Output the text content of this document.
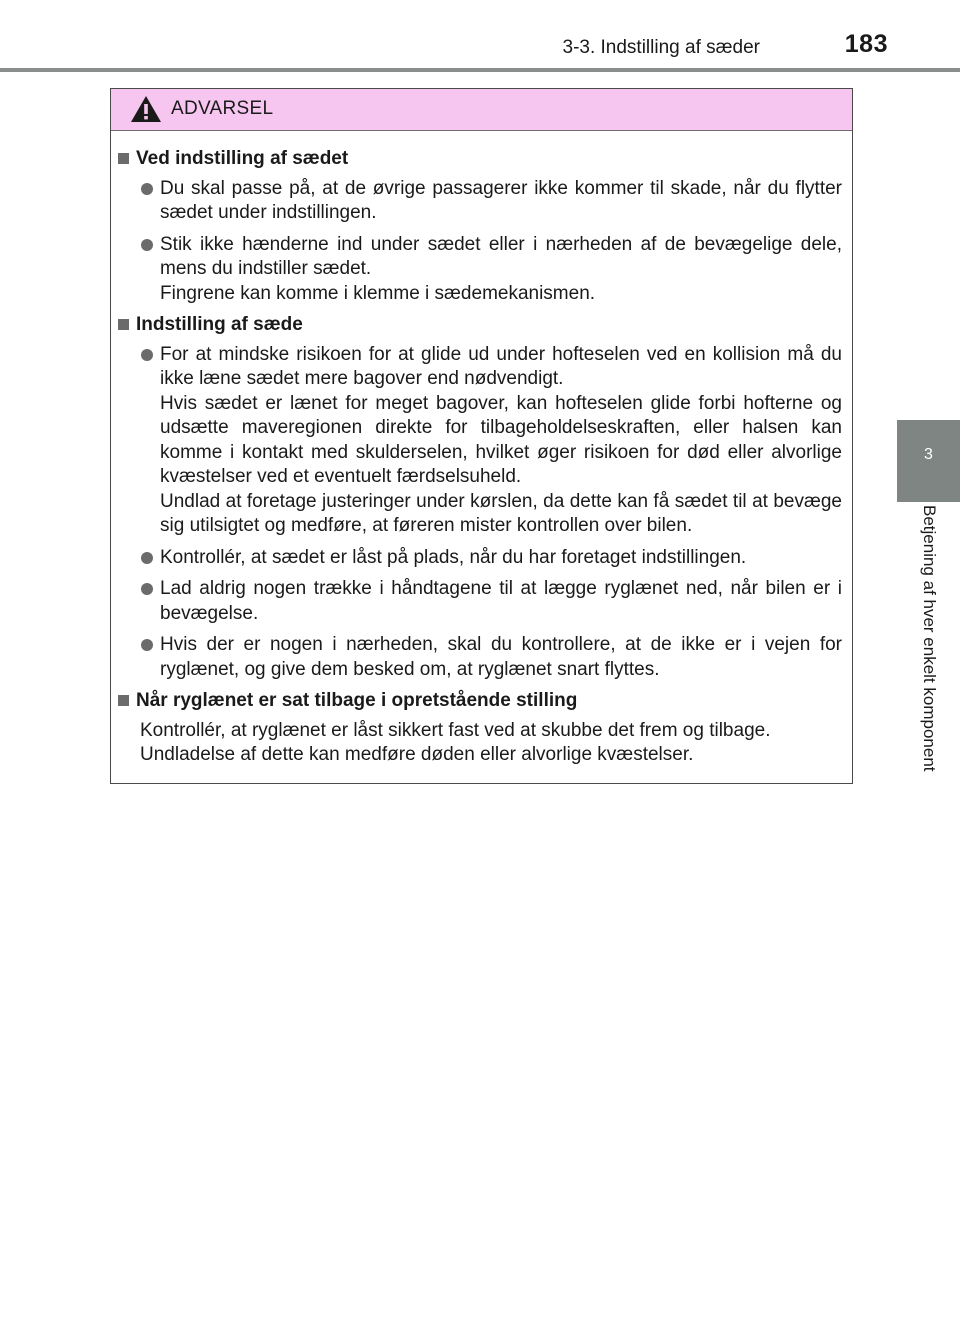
3-3. Indstilling af sæder	183
3
Betjening af hver enkelt komponent
ADVARSEL
Ved indstilling af sædet
Du skal passe på, at de øvrige passagerer ikke kommer til skade, når du flytter sædet under indstillingen.
Stik ikke hænderne ind under sædet eller i nærheden af de bevægelige dele, mens du indstiller sædet.
Fingrene kan komme i klemme i sædemekanismen.
Indstilling af sæde
For at mindske risikoen for at glide ud under hofteselen ved en kollision må du ikke læne sædet mere bagover end nødvendigt.
Hvis sædet er lænet for meget bagover, kan hofteselen glide forbi hofterne og udsætte maveregionen direkte for tilbageholdelseskraften, eller halsen kan komme i kontakt med skulderselen, hvilket øger risikoen for død eller alvorlige kvæstelser ved et eventuelt færdselsuheld.
Undlad at foretage justeringer under kørslen, da dette kan få sædet til at bevæge sig utilsigtet og medføre, at føreren mister kontrollen over bilen.
Kontrollér, at sædet er låst på plads, når du har foretaget indstillingen.
Lad aldrig nogen trække i håndtagene til at lægge ryglænet ned, når bilen er i bevægelse.
Hvis der er nogen i nærheden, skal du kontrollere, at de ikke er i vejen for ryglænet, og give dem besked om, at ryglænet snart flyttes.
Når ryglænet er sat tilbage i opretstående stilling
Kontrollér, at ryglænet er låst sikkert fast ved at skubbe det frem og tilbage.
Undladelse af dette kan medføre døden eller alvorlige kvæstelser.
